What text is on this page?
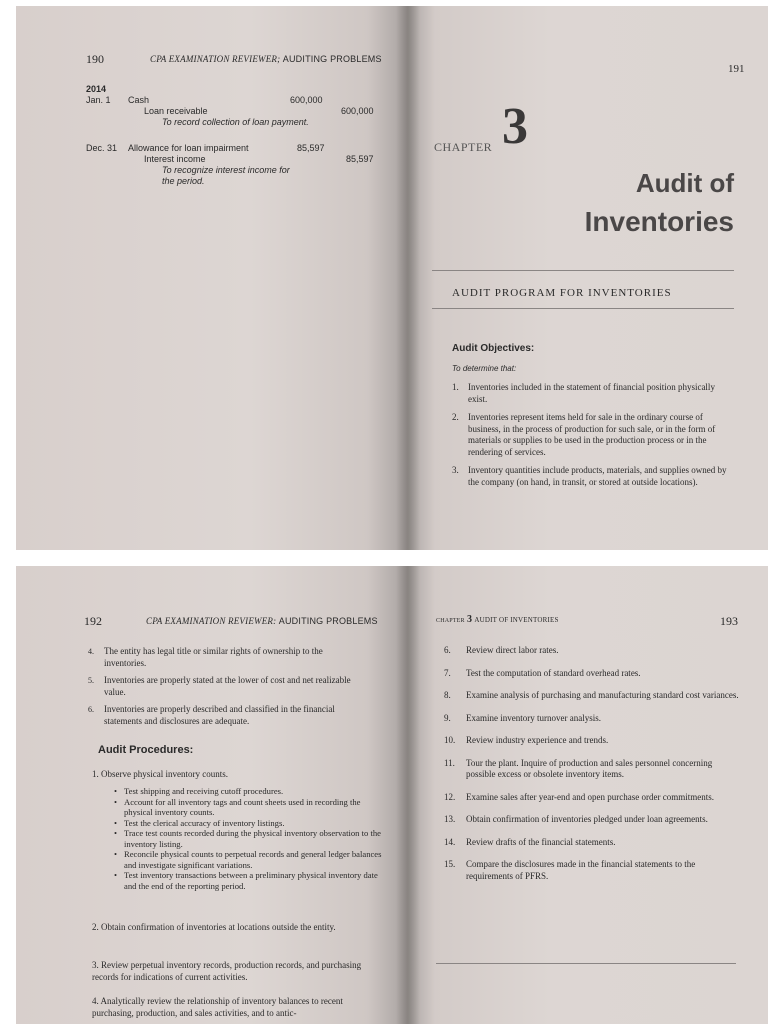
190	CPA EXAMINATION REVIEWER; AUDITING PROBLEMS
2014
Jan. 1 Cash	600,000
Loan receivable	600,000
To record collection of loan payment.
Dec. 31 Allowance for loan impairment	85,597
Interest income	85,597
To recognize interest income for
the period.
191
CHAPTER 3
Audit of
Inventories
AUDIT PROGRAM FOR INVENTORIES
Audit Objectives:
To determine that:
1.	Inventories included in the statement of financial position physically exist.
2.	Inventories represent items held for sale in the ordinary course of business, in the process of production for such sale, or in the form of materials or supplies to be used in the production process or in the rendering of services.
3.	Inventory quantities include products, materials, and supplies owned by the company (on hand, in transit, or stored at outside locations).
192	CPA EXAMINATION REVIEWER: AUDITING PROBLEMS
4.	The entity has legal title or similar rights of ownership to the inventories.
5.	Inventories are properly stated at the lower of cost and net realizable value.
6.	Inventories are properly described and classified in the financial statements and disclosures are adequate.
Audit Procedures:
1. Observe physical inventory counts.
• Test shipping and receiving cutoff procedures.
• Account for all inventory tags and count sheets used in recording the physical inventory counts.
• Test the clerical accuracy of inventory listings.
• Trace test counts recorded during the physical inventory observation to the inventory listing.
• Reconcile physical counts to perpetual records and general ledger balances and investigate significant variations.
• Test inventory transactions between a preliminary physical inventory date and the end of the reporting period.
2. Obtain confirmation of inventories at locations outside the entity.
3. Review perpetual inventory records, production records, and purchasing records for indications of current activities.
4. Analytically review the relationship of inventory balances to recent purchasing, production, and sales activities, and to antic-
CHAPTER 3 AUDIT OF INVENTORIES	193
6.	Review direct labor rates.
7.	Test the computation of standard overhead rates.
8.	Examine analysis of purchasing and manufacturing standard cost variances.
9.	Examine inventory turnover analysis.
10.	Review industry experience and trends.
11.	Tour the plant. Inquire of production and sales personnel concerning possible excess or obsolete inventory items.
12.	Examine sales after year-end and open purchase order commitments.
13.	Obtain confirmation of inventories pledged under loan agreements.
14.	Review drafts of the financial statements.
15.	Compare the disclosures made in the financial statements to the requirements of PFRS.
